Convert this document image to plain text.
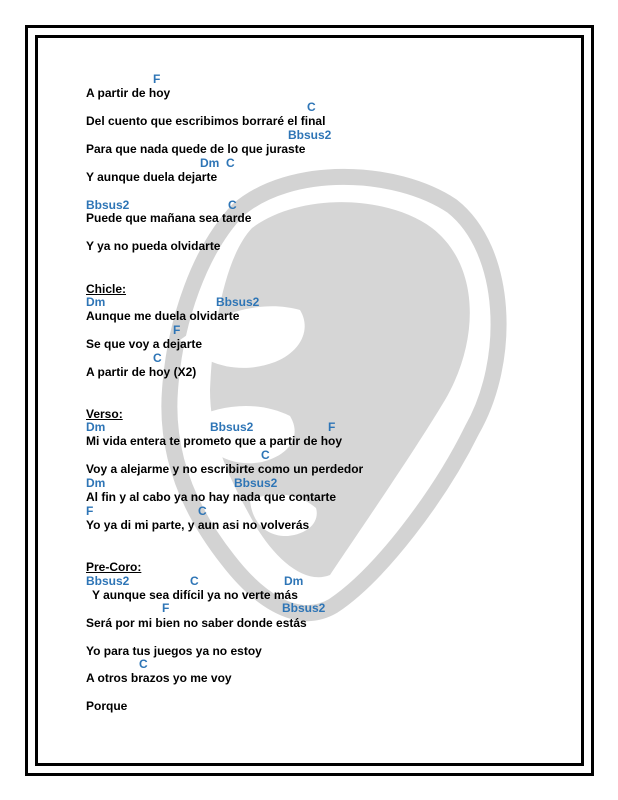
F

A partir de hoy

C

Del cuento que escribimos borraré el final

Bbsus2

Para que nada quede de lo que juraste

Dm

C

Y aunque duela dejarte

Bbsus2

	C

Puede que mañana sea tarde
Y ya no pueda olvidarte
Chicle:

Dm

	Bbsus2

Aunque me duela olvidarte

F

Se que voy a dejarte

C

A partir de hoy (X2)
Verso:

Dm

	Bbsus2

	F

Mi vida entera te prometo que a partir de hoy

C

Voy a alejarme y no escribirte como un perdedor

Dm

	Bbsus2

Al fin y al cabo ya no hay nada que contarte

F

	C

Yo ya di mi parte, y aun asi no volverás
Pre-Coro:

Bbsus2

	C

	Dm

Y aunque sea difícil ya no verte más

F

	Bbsus2

Será por mi bien no saber donde estás
Yo para tus juegos ya no estoy

C

A otros brazos yo me voy
Porque
